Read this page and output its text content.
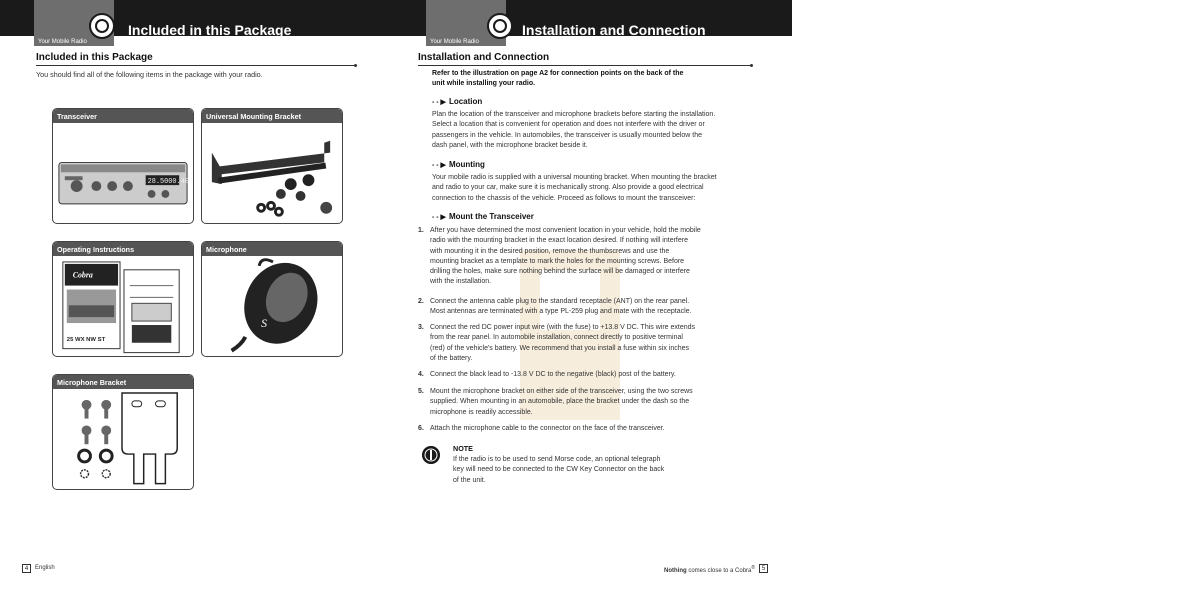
Your Mobile Radio
Included in this Package
Included in this Package
You should find all of the following items in the package with your radio.
Transceiver
28.5000.40
Universal Mounting Bracket
Operating Instructions
Cobra
25 WX NW ST
Microphone
S
Microphone Bracket
4	English
Your Mobile Radio
Installation and Connection
Installation and Connection
Refer to the illustration on page A2 for connection points on the back of the
unit while installing your radio.
- - ▶ Location
Plan the location of the transceiver and microphone brackets before starting the installation.
Select a location that is convenient for operation and does not interfere with the driver or
passengers in the vehicle. In automobiles, the transceiver is usually mounted below the
dash panel, with the microphone bracket beside it.
- - ▶ Mounting
Your mobile radio is supplied with a universal mounting bracket. When mounting the bracket
and radio to your car, make sure it is mechanically strong. Also provide a good electrical
connection to the chassis of the vehicle. Proceed as follows to mount the transceiver:
- - ▶ Mount the Transceiver
1. After you have determined the most convenient location in your vehicle, hold the mobile
radio with the mounting bracket in the exact location desired. If nothing will interfere
with mounting it in the desired position, remove the thumbscrews and use the
mounting bracket as a template to mark the holes for the mounting screws. Before
drilling the holes, make sure nothing behind the surface will be damaged or interfere
with the installation.
2. Connect the antenna cable plug to the standard receptacle (ANT) on the rear panel.
Most antennas are terminated with a type PL-259 plug and mate with the receptacle.
3. Connect the red DC power input wire (with the fuse) to +13.8 V DC. This wire extends
from the rear panel. In automobile installation, connect directly to positive terminal
(red) of the vehicle's battery. We recommend that you install a fuse within six inches
of the battery.
4. Connect the black lead to -13.8 V DC to the negative (black) post of the battery.
5. Mount the microphone bracket on either side of the transceiver, using the two screws
supplied. When mounting in an automobile, place the bracket under the dash so the
microphone is readily accessible.
6. Attach the microphone cable to the connector on the face of the transceiver.
NOTE
If the radio is to be used to send Morse code, an optional telegraph
key will need to be connected to the CW Key Connector on the back
of the unit.
Nothing comes close to a Cobra®	5
